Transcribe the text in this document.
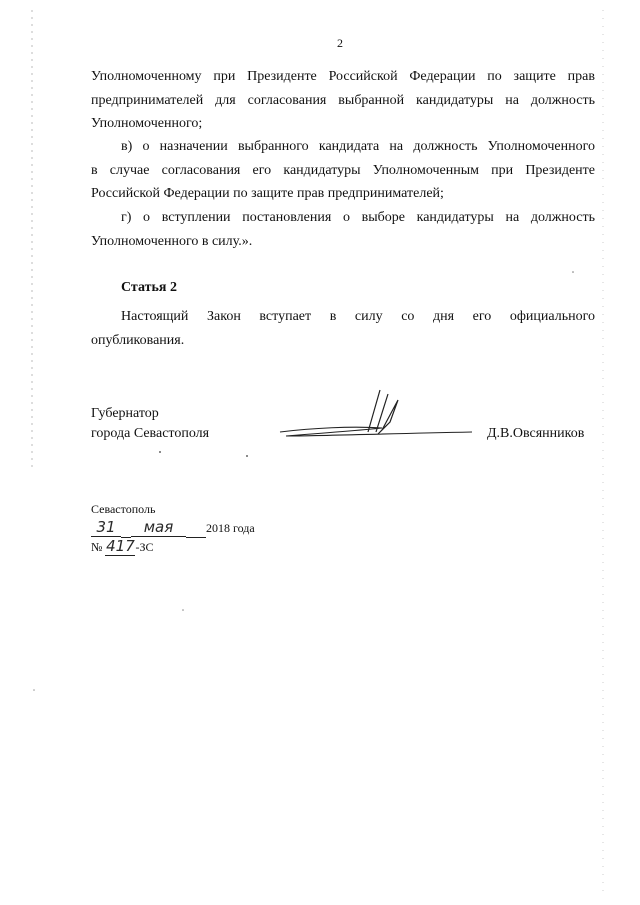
2
Уполномоченному при Президенте Российской Федерации по защите прав
предпринимателей для согласования выбранной кандидатуры на должность
Уполномоченного;
в) о назначении выбранного кандидата на должность Уполномоченного
в случае согласования его кандидатуры Уполномоченным при Президенте
Российской Федерации по защите прав предпринимателей;
г) о вступлении постановления о выборе кандидатуры на должность
Уполномоченного в силу.».
Статья 2
Настоящий Закон вступает в силу со дня его официального
опубликования.
Губернатор
города Севастополя	Д.В.Овсянников
Севастополь
31 мая	2018 года
№ 417-ЗС
